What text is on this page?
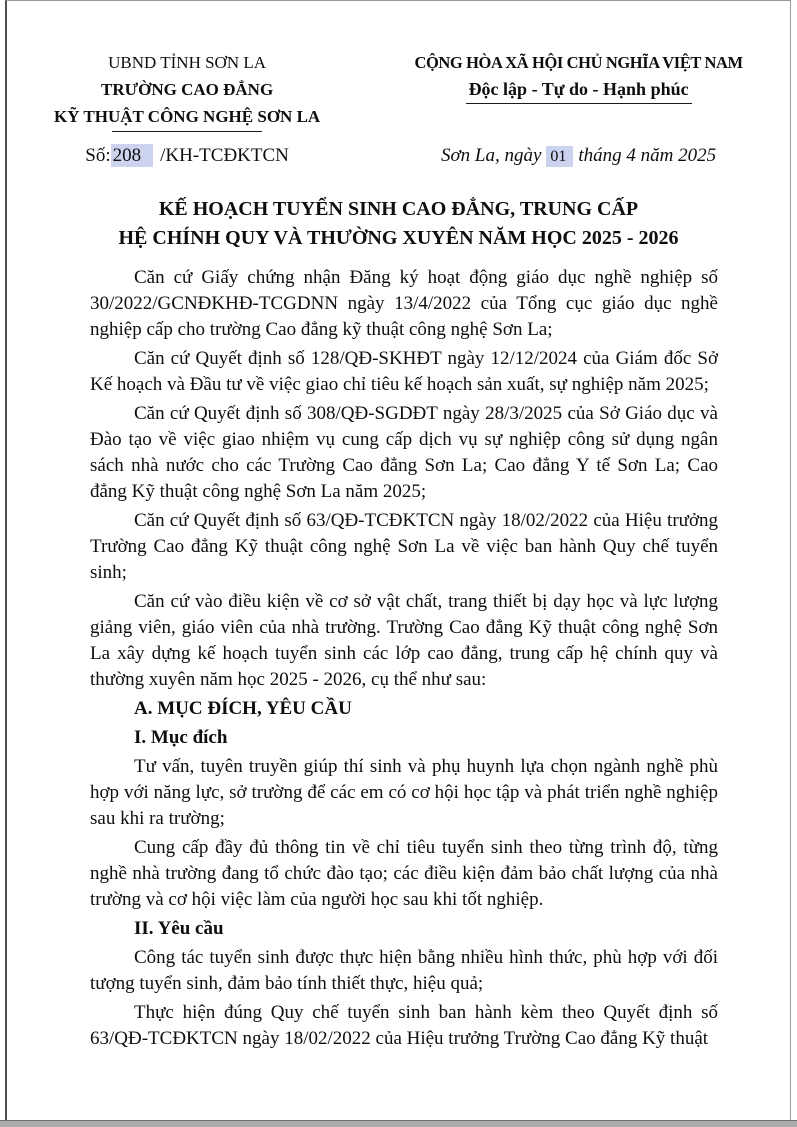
UBND TỈNH SƠN LA
TRƯỜNG CAO ĐẲNG
KỸ THUẬT CÔNG NGHỆ SƠN LA
Số: 208 /KH-TCĐKTCN
CỘNG HÒA XÃ HỘI CHỦ NGHĨA VIỆT NAM
Độc lập - Tự do - Hạnh phúc
Sơn La, ngày 01 tháng 4 năm 2025
KẾ HOẠCH TUYỂN SINH CAO ĐẲNG, TRUNG CẤP
HỆ CHÍNH QUY VÀ THƯỜNG XUYÊN NĂM HỌC 2025 - 2026

Căn cứ Giấy chứng nhận Đăng ký hoạt động giáo dục nghề nghiệp số 30/2022/GCNĐKHĐ-TCGDNN ngày 13/4/2022 của Tổng cục giáo dục nghề nghiệp cấp cho trường Cao đẳng kỹ thuật công nghệ Sơn La;

Căn cứ Quyết định số 128/QĐ-SKHĐT ngày 12/12/2024 của Giám đốc Sở Kế hoạch và Đầu tư về việc giao chỉ tiêu kế hoạch sản xuất, sự nghiệp năm 2025;

Căn cứ Quyết định số 308/QĐ-SGDĐT ngày 28/3/2025 của Sở Giáo dục và Đào tạo về việc giao nhiệm vụ cung cấp dịch vụ sự nghiệp công sử dụng ngân sách nhà nước cho các Trường Cao đẳng Sơn La; Cao đẳng Y tế Sơn La; Cao đẳng Kỹ thuật công nghệ Sơn La năm 2025;

Căn cứ Quyết định số 63/QĐ-TCĐKTCN ngày 18/02/2022 của Hiệu trưởng Trường Cao đẳng Kỹ thuật công nghệ Sơn La về việc ban hành Quy chế tuyển sinh;

Căn cứ vào điều kiện về cơ sở vật chất, trang thiết bị dạy học và lực lượng giảng viên, giáo viên của nhà trường. Trường Cao đẳng Kỹ thuật công nghệ Sơn La xây dựng kế hoạch tuyển sinh các lớp cao đẳng, trung cấp hệ chính quy và thường xuyên năm học 2025 - 2026, cụ thể như sau:

A. MỤC ĐÍCH, YÊU CẦU

I. Mục đích

Tư vấn, tuyên truyền giúp thí sinh và phụ huynh lựa chọn ngành nghề phù hợp với năng lực, sở trường để các em có cơ hội học tập và phát triển nghề nghiệp sau khi ra trường;

Cung cấp đầy đủ thông tin về chỉ tiêu tuyển sinh theo từng trình độ, từng nghề nhà trường đang tổ chức đào tạo; các điều kiện đảm bảo chất lượng của nhà trường và cơ hội việc làm của người học sau khi tốt nghiệp.

II. Yêu cầu

Công tác tuyển sinh được thực hiện bằng nhiều hình thức, phù hợp với đối tượng tuyển sinh, đảm bảo tính thiết thực, hiệu quả;

Thực hiện đúng Quy chế tuyển sinh ban hành kèm theo Quyết định số 63/QĐ-TCĐKTCN ngày 18/02/2022 của Hiệu trưởng Trường Cao đẳng Kỹ thuật
